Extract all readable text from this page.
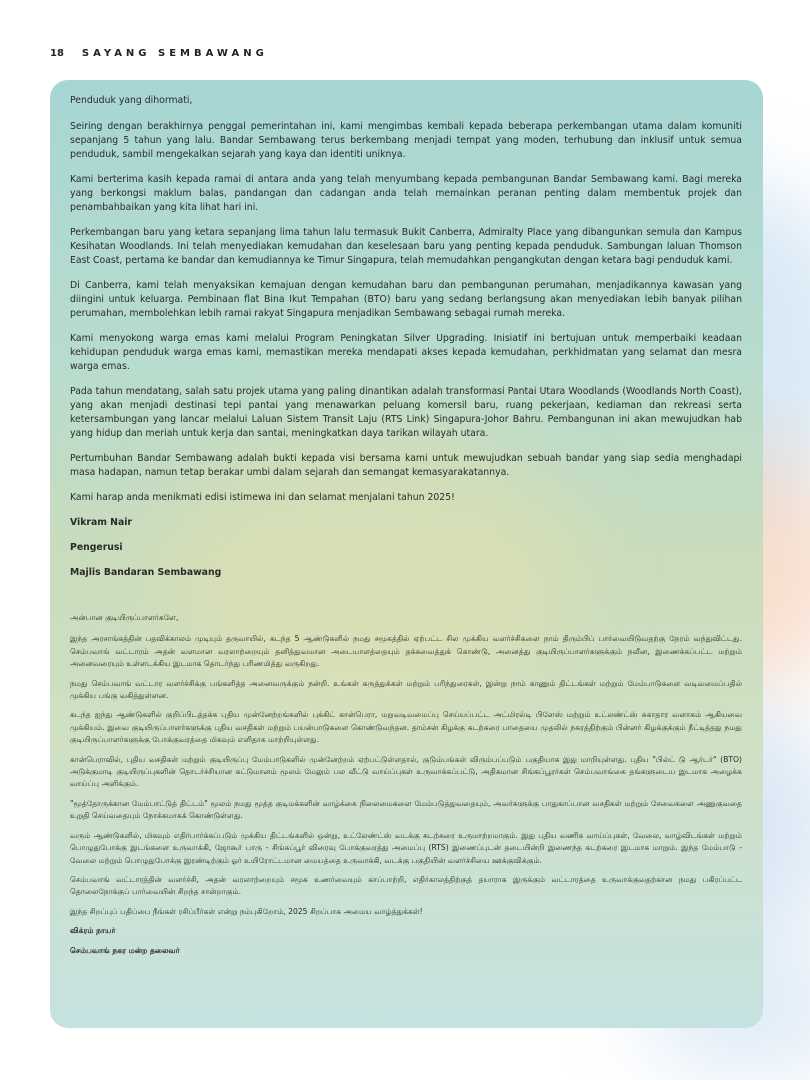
18 SAYANG SEMBAWANG

Penduduk yang dihormati,

Seiring dengan berakhirnya penggal pemerintahan ini, kami mengimbas kembali kepada beberapa perkembangan utama dalam komuniti sepanjang 5 tahun yang lalu. Bandar Sembawang terus berkembang menjadi tempat yang moden, terhubung dan inklusif untuk semua penduduk, sambil mengekalkan sejarah yang kaya dan identiti uniknya.

Kami berterima kasih kepada ramai di antara anda yang telah menyumbang kepada pembangunan Bandar Sembawang kami. Bagi mereka yang berkongsi maklum balas, pandangan dan cadangan anda telah memainkan peranan penting dalam membentuk projek dan penambahbaikan yang kita lihat hari ini.

Perkembangan baru yang ketara sepanjang lima tahun lalu termasuk Bukit Canberra, Admiralty Place yang dibangunkan semula dan Kampus Kesihatan Woodlands. Ini telah menyediakan kemudahan dan keselesaan baru yang penting kepada penduduk. Sambungan laluan Thomson East Coast, pertama ke bandar dan kemudiannya ke Timur Singapura, telah memudahkan pengangkutan dengan ketara bagi penduduk kami.

Di Canberra, kami telah menyaksikan kemajuan dengan kemudahan baru dan pembangunan perumahan, menjadikannya kawasan yang diingini untuk keluarga. Pembinaan flat Bina Ikut Tempahan (BTO) baru yang sedang berlangsung akan menyediakan lebih banyak pilihan perumahan, membolehkan lebih ramai rakyat Singapura menjadikan Sembawang sebagai rumah mereka.

Kami menyokong warga emas kami melalui Program Peningkatan Silver Upgrading. Inisiatif ini bertujuan untuk memperbaiki keadaan kehidupan penduduk warga emas kami, memastikan mereka mendapati akses kepada kemudahan, perkhidmatan yang selamat dan mesra warga emas.

Pada tahun mendatang, salah satu projek utama yang paling dinantikan adalah transformasi Pantai Utara Woodlands (Woodlands North Coast), yang akan menjadi destinasi tepi pantai yang menawarkan peluang komersil baru, ruang pekerjaan, kediaman dan rekreasi serta ketersambungan yang lancar melalui Laluan Sistem Transit Laju (RTS Link) Singapura-Johor Bahru. Pembangunan ini akan mewujudkan hab yang hidup dan meriah untuk kerja dan santai, meningkatkan daya tarikan wilayah utara.

Pertumbuhan Bandar Sembawang adalah bukti kepada visi bersama kami untuk mewujudkan sebuah bandar yang siap sedia menghadapi masa hadapan, namun tetap berakar umbi dalam sejarah dan semangat kemasyarakatannya.

Kami harap anda menikmati edisi istimewa ini dan selamat menjalani tahun 2025!

Vikram Nair

Pengerusi

Majlis Bandaran Sembawang

அன்பான குடியிருப்பாளர்களே,

இந்த அரசாங்கத்தின் பதவிக்காலம் முடியும் தருவாயில், கடந்த 5 ஆண்டுகளில் நமது சமூகத்தில் ஏற்பட்ட சில முக்கிய வளர்ச்சிகளை நாம் திரும்பிப் பார்வையிடுவதற்கு நேரம் வந்துவிட்டது. செம்பவாங் வட்டாரம் அதன் வளமான வரலாற்றையும் தனித்துவமான அடையாளத்தையும் தக்கவைத்துக் கொண்டு, அனைத்து குடியிருப்பாளர்களுக்கும் நவீன, இணைக்கப்பட்ட மற்றும் அனைவரையும் உள்ளடக்கிய இடமாக தொடர்ந்து பரிணமித்து வருகிறது.

நமது செம்பவாங் வட்டார வளர்ச்சிக்கு பங்களித்த அனைவருக்கும் நன்றி. உங்கள் கருத்துக்கள் மற்றும் பரிந்துரைகள், இன்று நாம் காணும் திட்டங்கள் மற்றும் மேம்பாடுகளை வடிவமைப்பதில் முக்கிய பங்கு வகித்துள்ளன.

கடந்த ஐந்து ஆண்டுகளில் குறிப்பிடத்தக்க புதிய முன்னேற்றங்களில் புக்கிட் கான்பெரா, மறுவடிவமைப்பு செய்யப்பட்ட அட்மிரல்டி பிளேஸ் மற்றும் உட்லண்ட்ஸ் சுகாதார வளாகம் ஆகியவை முக்கியம். இவை குடியிருப்பாளர்களுக்கு புதிய வசதிகள் மற்றும் பயன்பாடுகளை கொண்டுவந்தன. தாம்சன் கிழக்கு கடற்கரை பாதையை முதலில் நகரத்திற்கும் பின்னர் கிழக்குக்கும் நீட்டித்தது நமது குடியிருப்பாளர்களுக்கு போக்குவரத்தை மிகவும் எளிதாக மாற்றியுள்ளது.

கான்பெராவில், புதிய வசதிகள் மற்றும் குடியிருப்பு மேம்பாடுகளில் முன்னேற்றம் ஏற்பட்டுள்ளதால், குடும்பங்கள் விரும்பப்படும் பகுதியாக இது மாறியுள்ளது. புதிய "பில்ட் டு ஆர்டர்" (BTO) அடுக்குமாடி குடியிருப்புகளின் தொடர்ச்சியான கட்டுமானம் மூலம் மேலும் பல வீட்டு வாய்ப்புகள் உருவாக்கப்பட்டு, அதிகமான சிங்கப்பூரர்கள் செம்பவாங்கை தங்களுடைய இடமாக அழைக்க வாய்ப்பு அளிக்கும்.

"மூத்தோருக்கான மேம்பாட்டுத் திட்டம்" மூலம் நமது மூத்த குடிமக்களின் வாழ்க்கை நிலைமைகளை மேம்படுத்துவதையும், அவர்களுக்கு பாதுகாப்பான வசதிகள் மற்றும் சேவைகளை அணுகுவதை உறுதி செய்வதையும் நோக்கமாகக் கொண்டுள்ளது.

வரும் ஆண்டுகளில், மிகவும் எதிர்பார்க்கப்படும் முக்கிய திட்டங்களில் ஒன்று, உட்லேண்ட்ஸ் வடக்கு கடற்கரை உருமாற்றமாகும். இது புதிய வணிக வாய்ப்புகள், வேலை, வாழ்விடங்கள் மற்றும் பொழுதுபோக்கு இடங்களை உருவாக்கி, ஜோகூர் பாரு - சிங்கப்பூர் விரைவு போக்குவரத்து அமைப்பு (RTS) இணைப்புடன் தடையின்றி இணைந்த கடற்கரை இடமாக மாறும். இந்த மேம்பாடு - வேலை மற்றும் பொழுதுபோக்கு இரண்டிற்கும் ஓர் உயிரோட்டமான மையத்தை உருவாக்கி, வடக்கு பகுதியின் வளர்ச்சியை ஊக்குவிக்கும்.

செம்பவாங் வட்டாரத்தின் வளர்ச்சி, அதன் வரலாற்றையும் சமூக உணர்வையும் காப்பாற்றி, எதிர்காலத்திற்குத் தயாராக இருக்கும் வட்டாரத்தை உருவாக்குவதற்கான நமது பகிரப்பட்ட தொலைநோக்குப் பார்வையின் சிறந்த சான்றாகும்.

இந்த சிறப்புப் பதிப்பை நீங்கள் ரசிப்பீர்கள் என்று நம்புகிறோம், 2025 சிறப்பாக அமைய வாழ்த்துக்கள்!

விக்ரம் நாயர்

செம்பவாங் நகர மன்ற தலைவர்
